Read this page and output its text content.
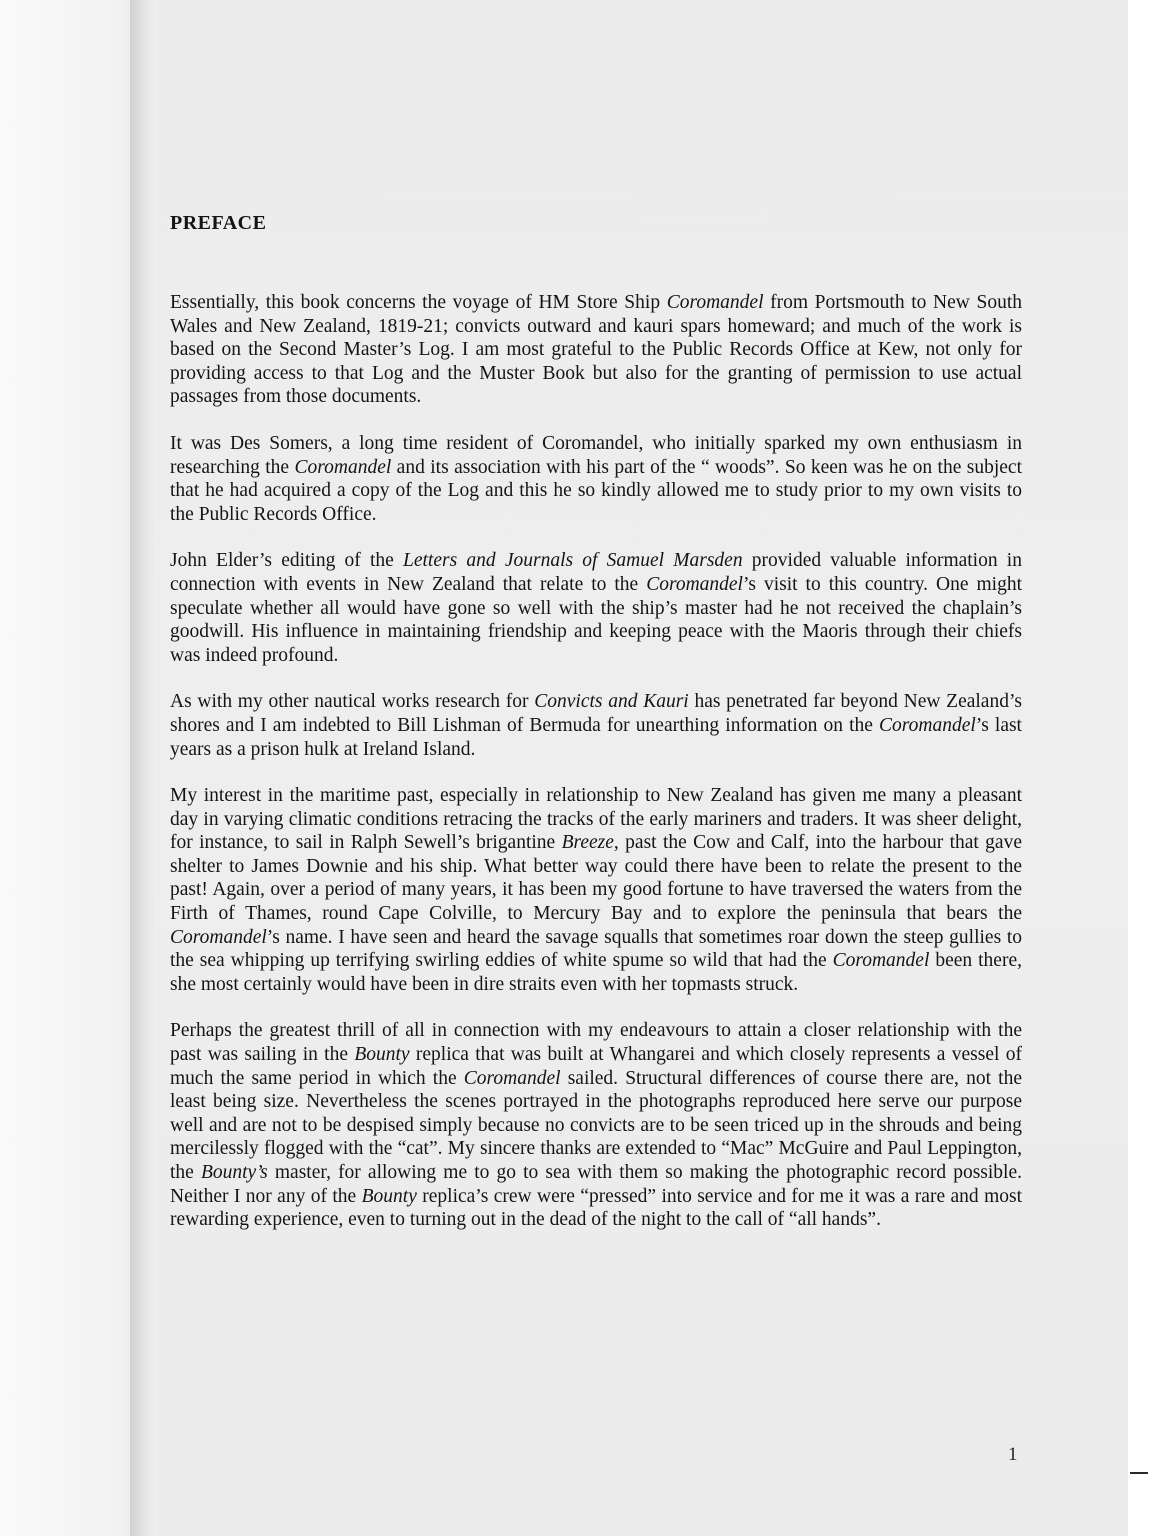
PREFACE

Essentially, this book concerns the voyage of HM Store Ship Coromandel from Portsmouth to New South Wales and New Zealand, 1819-21; convicts outward and kauri spars homeward; and much of the work is based on the Second Master’s Log. I am most grateful to the Public Records Office at Kew, not only for providing access to that Log and the Muster Book but also for the granting of permission to use actual passages from those documents.

It was Des Somers, a long time resident of Coromandel, who initially sparked my own enthusiasm in researching the Coromandel and its association with his part of the “ woods”. So keen was he on the subject that he had acquired a copy of the Log and this he so kindly allowed me to study prior to my own visits to the Public Records Office.

John Elder’s editing of the Letters and Journals of Samuel Marsden provided valuable information in connection with events in New Zealand that relate to the Coromandel’s visit to this country. One might speculate whether all would have gone so well with the ship’s master had he not received the chaplain’s goodwill. His influence in maintaining friendship and keeping peace with the Maoris through their chiefs was indeed profound.

As with my other nautical works research for Convicts and Kauri has penetrated far beyond New Zealand’s shores and I am indebted to Bill Lishman of Bermuda for unearthing information on the Coromandel’s last years as a prison hulk at Ireland Island.

My interest in the maritime past, especially in relationship to New Zealand has given me many a pleasant day in varying climatic conditions retracing the tracks of the early mariners and traders. It was sheer delight, for instance, to sail in Ralph Sewell’s brigantine Breeze, past the Cow and Calf, into the harbour that gave shelter to James Downie and his ship. What better way could there have been to relate the present to the past! Again, over a period of many years, it has been my good fortune to have traversed the waters from the Firth of Thames, round Cape Colville, to Mercury Bay and to explore the peninsula that bears the Coromandel’s name. I have seen and heard the savage squalls that sometimes roar down the steep gullies to the sea whipping up terrifying swirling eddies of white spume so wild that had the Coromandel been there, she most certainly would have been in dire straits even with her topmasts struck.

Perhaps the greatest thrill of all in connection with my endeavours to attain a closer relationship with the past was sailing in the Bounty replica that was built at Whangarei and which closely represents a vessel of much the same period in which the Coromandel sailed. Structural differences of course there are, not the least being size. Nevertheless the scenes portrayed in the photographs reproduced here serve our purpose well and are not to be despised simply because no convicts are to be seen triced up in the shrouds and being mercilessly flogged with the “cat”. My sincere thanks are extended to “Mac” McGuire and Paul Leppington, the Bounty’s master, for allowing me to go to sea with them so making the photographic record possible. Neither I nor any of the Bounty replica’s crew were “pressed” into service and for me it was a rare and most rewarding experience, even to turning out in the dead of the night to the call of “all hands”.

1
